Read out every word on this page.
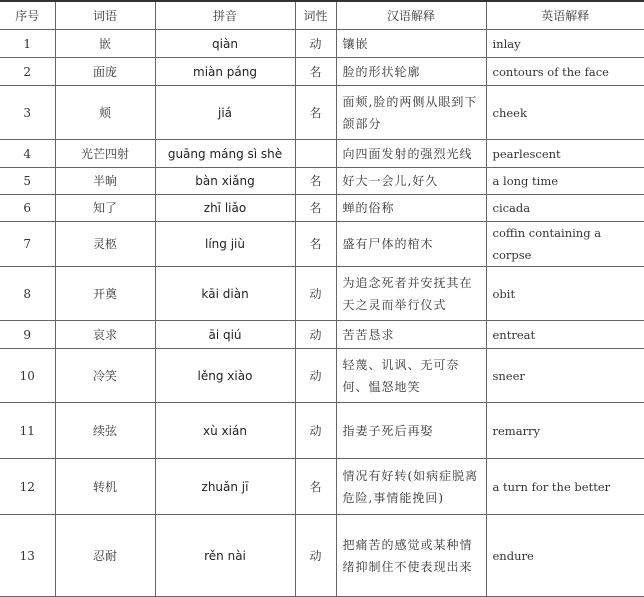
序号	词语	拼音	词性	汉语解释	英语解释
1	嵌	qiàn	动	镶嵌	inlay
2	面庞	miàn páng	名	脸的形状轮廓	contours of the face
3	颊	jiá	名	面颊,脸的两侧从眼到下颌部分	cheek
4	光芒四射	guāng máng sì shè		向四面发射的强烈光线	pearlescent
5	半晌	bàn xiǎng	名	好大一会儿,好久	a long time
6	知了	zhī liǎo	名	蝉的俗称	cicada
7	灵柩	líng jiù	名	盛有尸体的棺木	coffin containing a corpse
8	开奠	kāi diàn	动	为追念死者并安抚其在天之灵而举行仪式	obit
9	哀求	āi qiú	动	苦苦恳求	entreat
10	冷笑	lěng xiào	动	轻蔑、讥讽、无可奈何、愠怒地笑	sneer
11	续弦	xù xián	动	指妻子死后再娶	remarry
12	转机	zhuǎn jī	名	情况有好转(如病症脱离危险,事情能挽回)	a turn for the better
13	忍耐	rěn nài	动	把痛苦的感觉或某种情绪抑制住不使表现出来	endure
